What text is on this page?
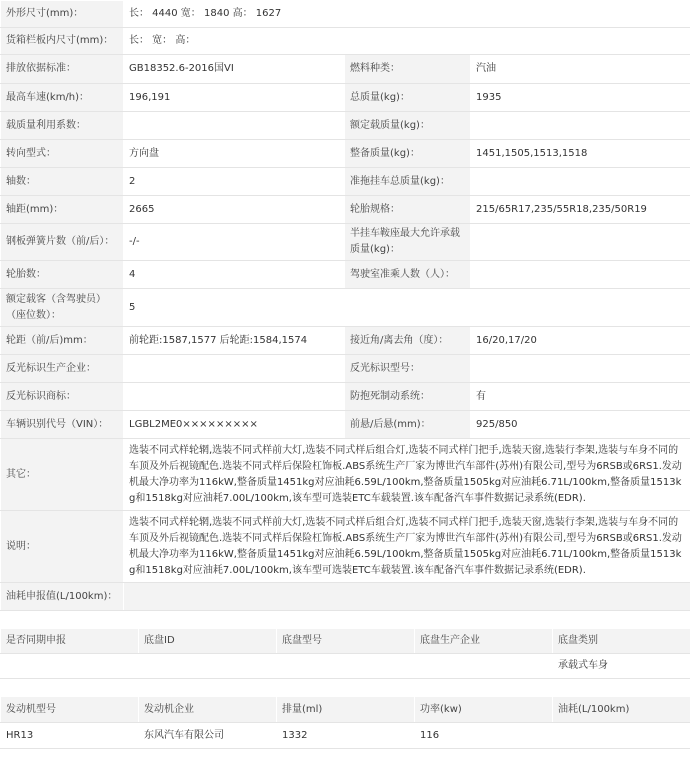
外形尺寸(mm)：	长： 4440 宽： 1840 高： 1627		
货箱栏板内尺寸(mm)：	长： 宽： 高：		
排放依据标准：	GB18352.6-2016国VI	燃料种类：	汽油
最高车速(km/h)：	196,191	总质量(kg)：	1935
载质量利用系数：		额定载质量(kg)：	
转向型式：	方向盘	整备质量(kg)：	1451,1505,1513,1518
轴数：	2	准拖挂车总质量(kg)：	
轴距(mm)：	2665	轮胎规格：	215/65R17,235/55R18,235/50R19
钢板弹簧片数（前/后）：	-/-	半挂车鞍座最大允许承载质量(kg)：	
轮胎数：	4	驾驶室准乘人数（人）：	
额定载客（含驾驶员）（座位数）：	5		
轮距（前/后)mm：	前轮距:1587,1577 后轮距:1584,1574	接近角/离去角（度）：	16/20,17/20
反光标识生产企业：		反光标识型号：	
反光标识商标：		防抱死制动系统：	有
车辆识别代号（VIN）：	LGBL2ME0×××××××××	前悬/后悬(mm)：	925/850
其它：	选装不同式样轮辋,选装不同式样前大灯,选装不同式样后组合灯,选装不同式样门把手,选装天窗,选装行李架,选装与车身不同的车顶及外后视镜配色.选装不同式样后保险杠饰板.ABS系统生产厂家为博世汽车部件(苏州)有限公司,型号为6RSB或6RS1.发动机最大净功率为116kW,整备质量1451kg对应油耗6.59L/100km,整备质量1505kg对应油耗6.71L/100km,整备质量1513kg和1518kg对应油耗7.00L/100km,该车型可选装ETC车载装置.该车配备汽车事件数据记录系统(EDR).		
说明：	选装不同式样轮辋,选装不同式样前大灯,选装不同式样后组合灯,选装不同式样门把手,选装天窗,选装行李架,选装与车身不同的车顶及外后视镜配色.选装不同式样后保险杠饰板.ABS系统生产厂家为博世汽车部件(苏州)有限公司,型号为6RSB或6RS1.发动机最大净功率为116kW,整备质量1451kg对应油耗6.59L/100km,整备质量1505kg对应油耗6.71L/100km,整备质量1513kg和1518kg对应油耗7.00L/100km,该车型可选装ETC车载装置.该车配备汽车事件数据记录系统(EDR).		
油耗申报值(L/100km)：			
是否同期申报	底盘ID	底盘型号	底盘生产企业	底盘类别
				承载式车身
发动机型号	发动机企业	排量(ml)	功率(kw)	油耗(L/100km)
HR13	东风汽车有限公司	1332	116	
